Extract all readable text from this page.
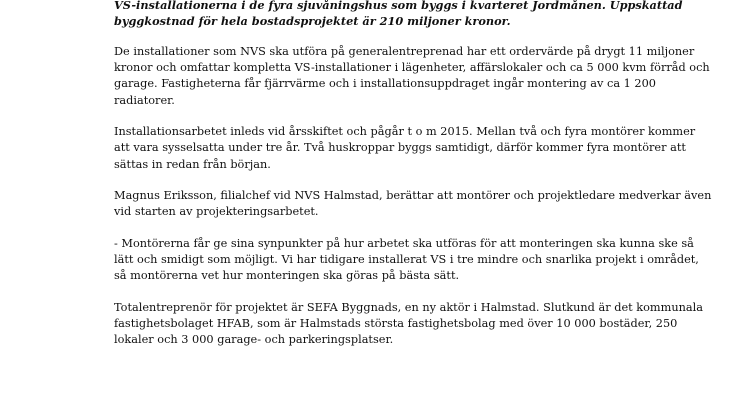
VS-installationerna i de fyra sjuvåningshus som byggs i kvarteret Jordmånen. Uppskattad byggkostnad för hela bostadsprojektet är 210 miljoner kronor.

De installationer som NVS ska utföra på generalentreprenad har ett ordervärde på drygt 11 miljoner kronor och omfattar kompletta VS-installationer i lägenheter, affärslokaler och ca 5 000 kvm förråd och garage. Fastigheterna får fjärrvärme och i installationsuppdraget ingår montering av ca 1 200 radiatorer.

Installationsarbetet inleds vid årsskiftet och pågår t o m 2015. Mellan två och fyra montörer kommer att vara sysselsatta under tre år. Två huskroppar byggs samtidigt, därför kommer fyra montörer att sättas in redan från början.

Magnus Eriksson, filialchef vid NVS Halmstad, berättar att montörer och projektledare medverkar även vid starten av projekteringsarbetet.

- Montörerna får ge sina synpunkter på hur arbetet ska utföras för att monteringen ska kunna ske så lätt och smidigt som möjligt. Vi har tidigare installerat VS i tre mindre och snarlika projekt i området, så montörerna vet hur monteringen ska göras på bästa sätt.

Totalentreprenör för projektet är SEFA Byggnads, en ny aktör i Halmstad. Slutkund är det kommunala fastighetsbolaget HFAB, som är Halmstads största fastighetsbolag med över 10 000 bostäder, 250 lokaler och 3 000 garage- och parkeringsplatser.
